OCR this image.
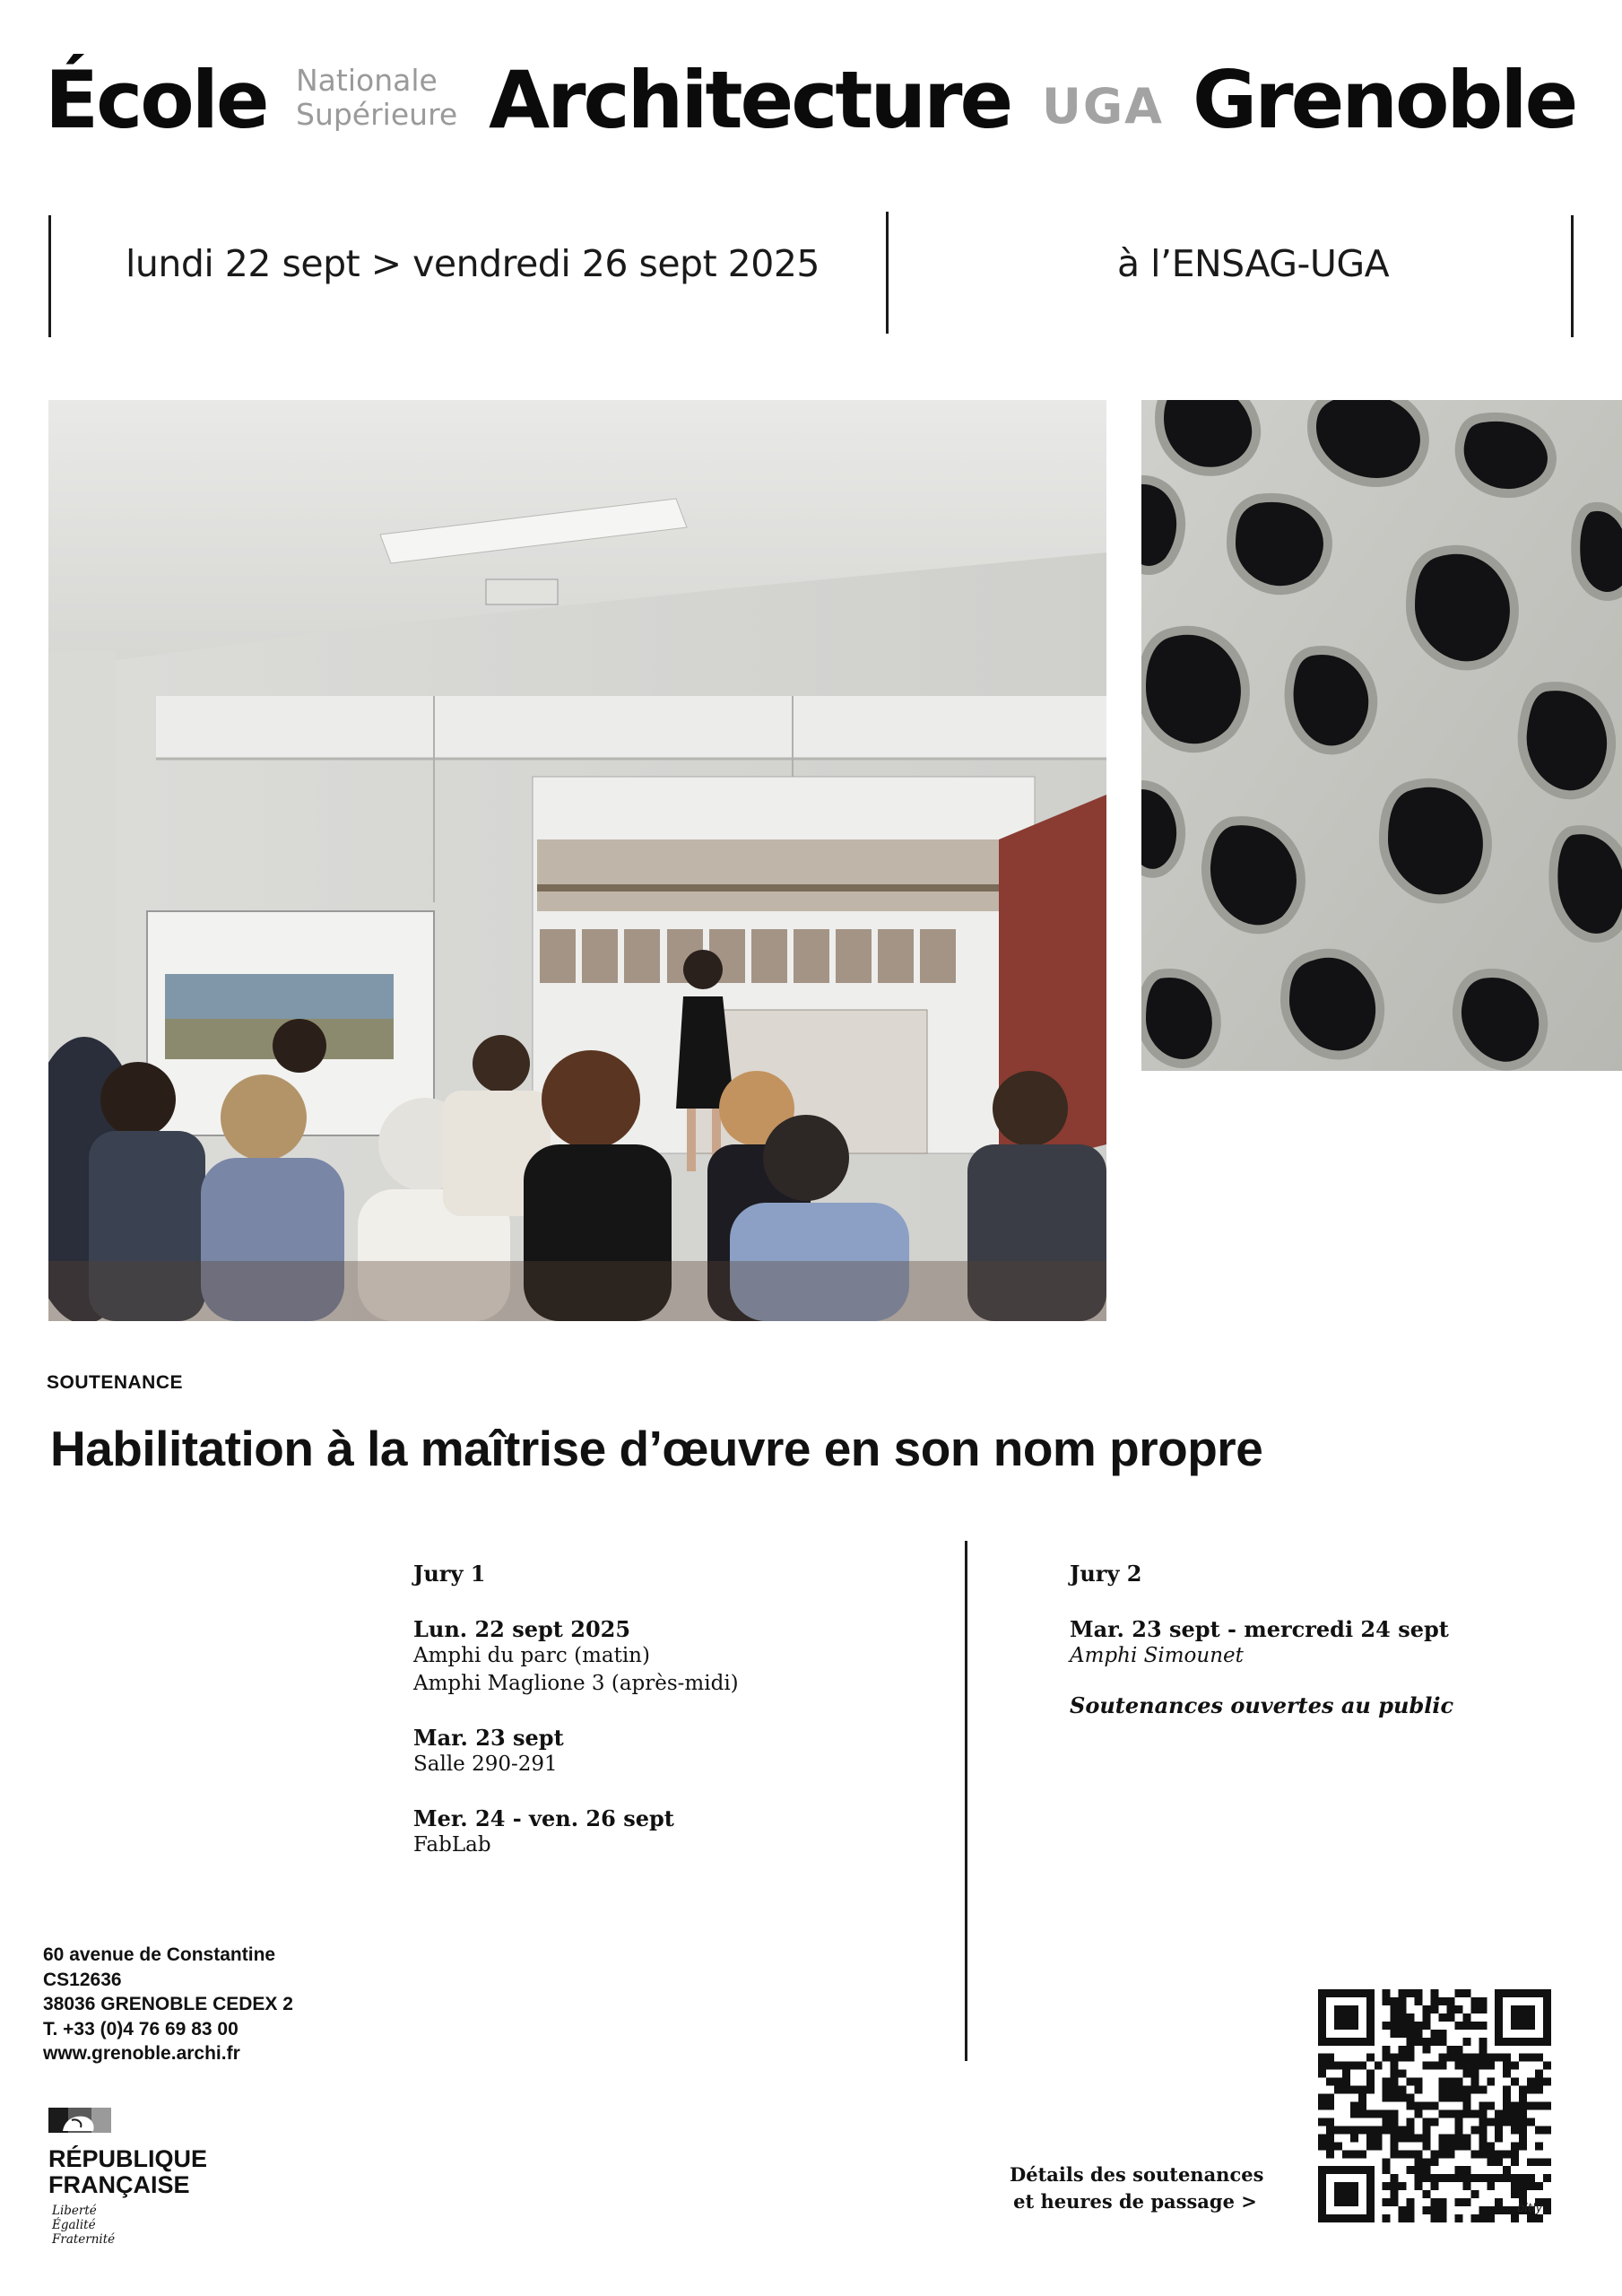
École Nationale
Supérieure Architecture UGA Grenoble
lundi 22 sept > vendredi 26 sept 2025	à l’ENSAG-UGA
SOUTENANCE
Habilitation à la maîtrise d’œuvre en son nom propre
Jury 1
Lun. 22 sept 2025
Amphi du parc (matin)
Amphi Maglione 3 (après-midi)
Mar. 23 sept
Salle 290-291
Mer. 24 - ven. 26 sept
FabLab
Jury 2
Mar. 23 sept - mercredi 24 sept
Amphi Simounet
Soutenances ouvertes au public
60 avenue de Constantine
CS12636
38036 GRENOBLE CEDEX 2
T. +33 (0)4 76 69 83 00
www.grenoble.archi.fr
RÉPUBLIQUE
FRANÇAISE
Liberté
Égalité
Fraternité
Détails des soutenances
et heures de passage >	bitly
